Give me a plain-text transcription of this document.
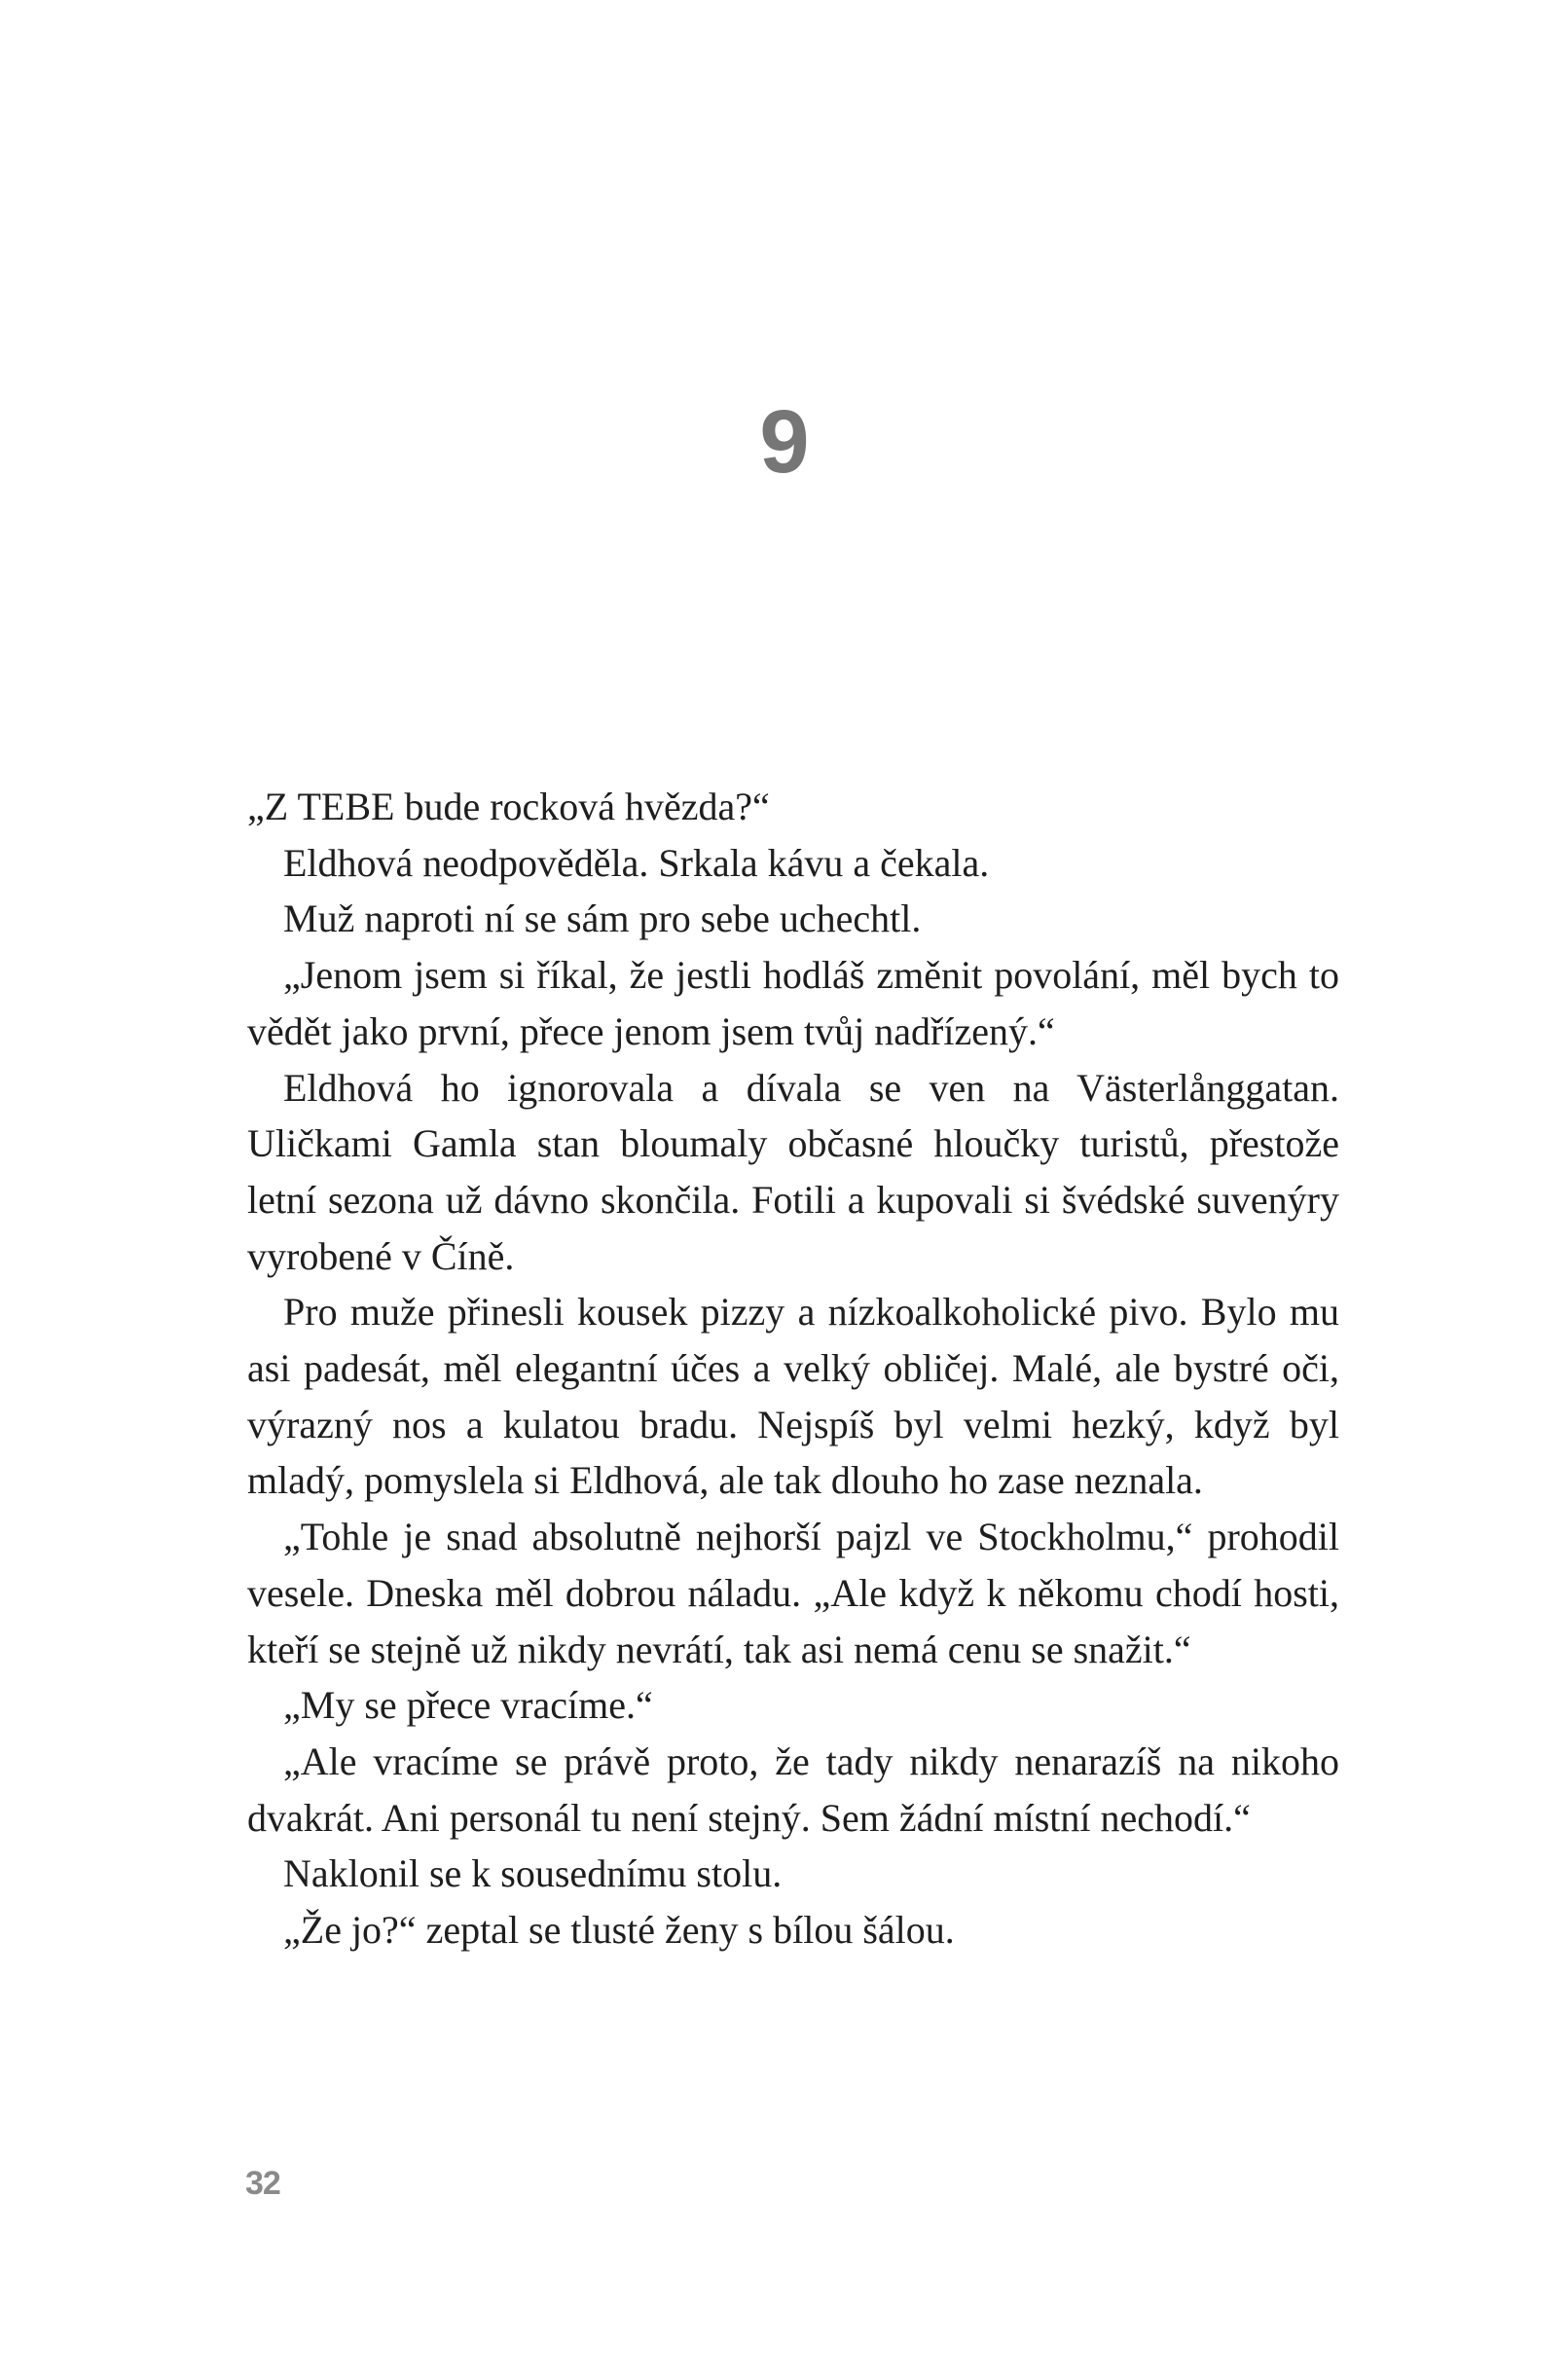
9

„Z TEBE bude rocková hvězda?“

Eldhová neodpověděla. Srkala kávu a čekala.

Muž naproti ní se sám pro sebe uchechtl.

„Jenom jsem si říkal, že jestli hodláš změnit povolání, měl bych to vědět jako první, přece jenom jsem tvůj nadřízený.“

Eldhová ho ignorovala a dívala se ven na Västerlånggatan. Uličkami Gamla stan bloumaly občasné hloučky turistů, přestože letní sezona už dávno skončila. Fotili a kupovali si švédské suvenýry vyrobené v Číně.

Pro muže přinesli kousek pizzy a nízkoalkoholické pivo. Bylo mu asi padesát, měl elegantní účes a velký obličej. Malé, ale bystré oči, výrazný nos a kulatou bradu. Nejspíš byl velmi hezký, když byl mladý, pomyslela si Eldhová, ale tak dlouho ho zase neznala.

„Tohle je snad absolutně nejhorší pajzl ve Stockholmu,“ prohodil vesele. Dneska měl dobrou náladu. „Ale když k někomu chodí hosti, kteří se stejně už nikdy nevrátí, tak asi nemá cenu se snažit.“

„My se přece vracíme.“

„Ale vracíme se právě proto, že tady nikdy nenarazíš na nikoho dvakrát. Ani personál tu není stejný. Sem žádní místní nechodí.“

Naklonil se k sousednímu stolu.

„Že jo?“ zeptal se tlusté ženy s bílou šálou.

32
